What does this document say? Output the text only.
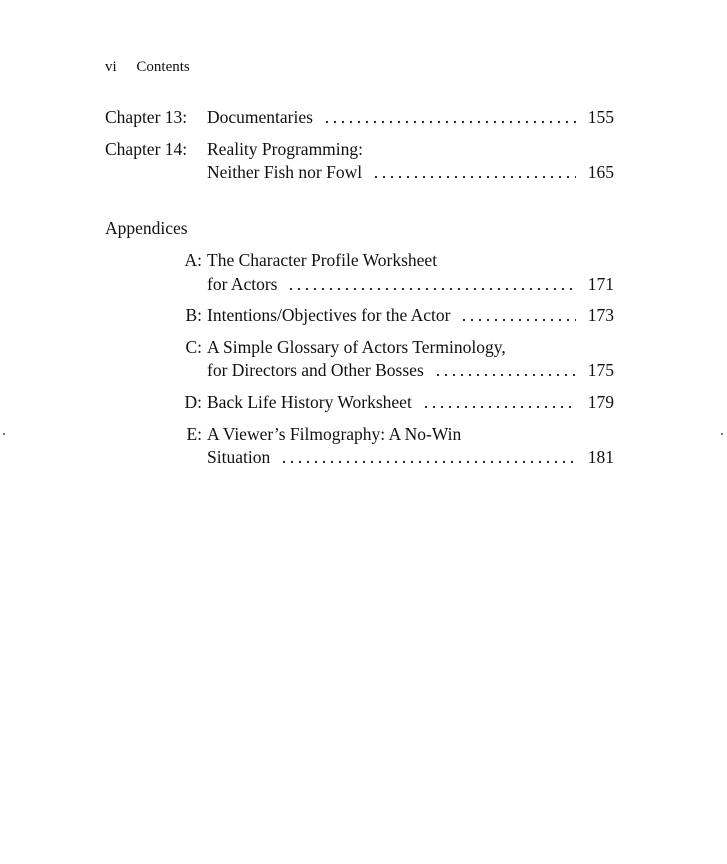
vi Contents
Chapter 13: Documentaries	155
Chapter 14: Reality Programming:
Neither Fish nor Fowl	165
Appendices
A: The Character Profile Worksheet
for Actors	171
B: Intentions/Objectives for the Actor	173
C: A Simple Glossary of Actors Terminology,
for Directors and Other Bosses	175
D: Back Life History Worksheet	179
E: A Viewer’s Filmography: A No-Win
Situation	181
